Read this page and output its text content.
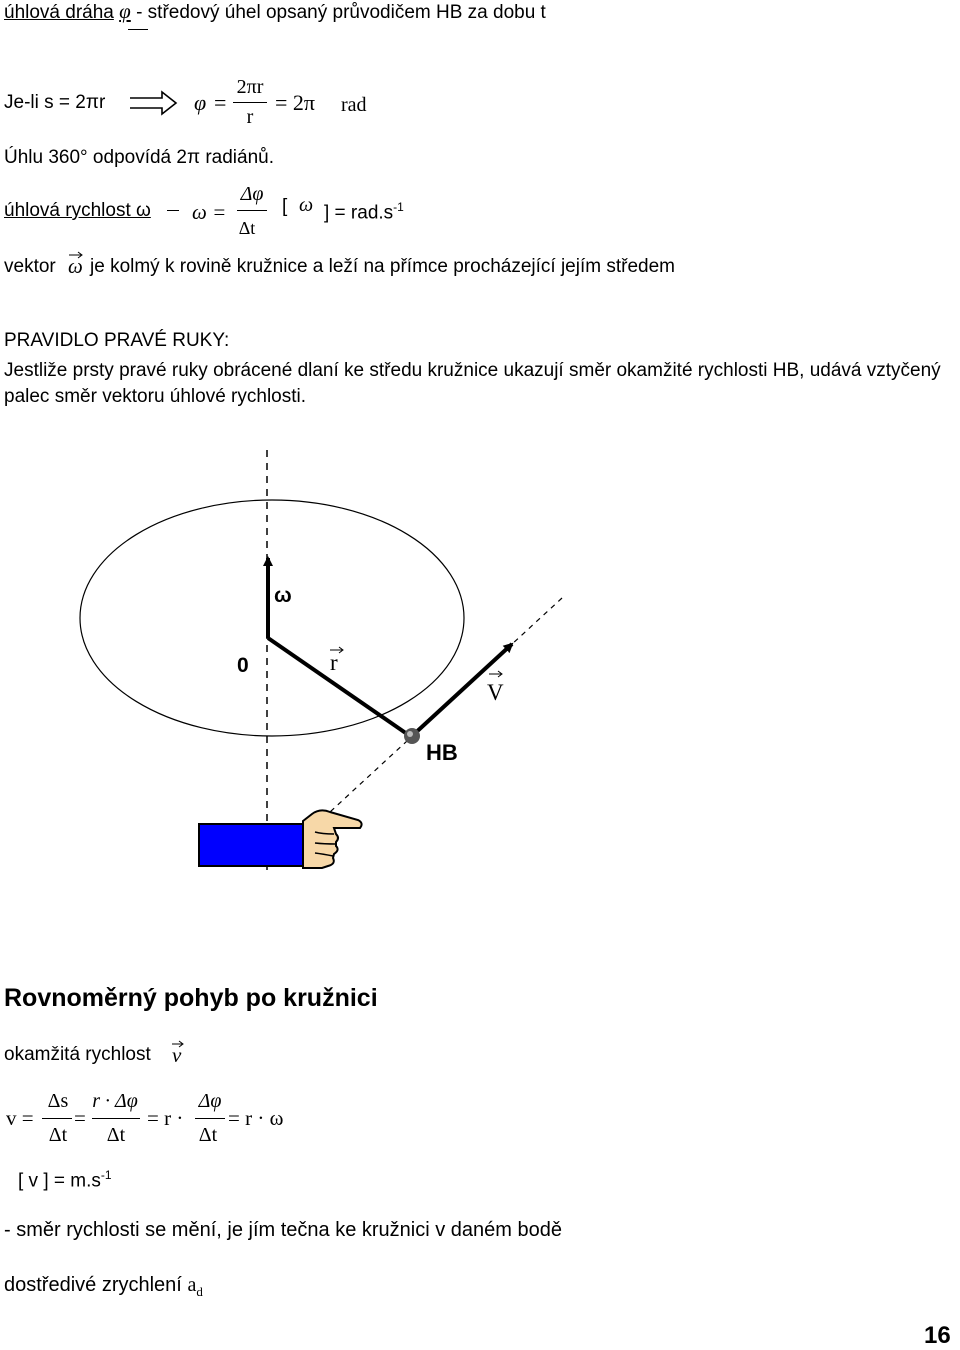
úhlová dráha φ - středový úhel opsaný průvodičem HB za dobu t
Je-li s = 2πr	φ =
2πr
r
= 2π rad
Úhlu 360° odpovídá 2π radiánů.
úhlová rychlost ω ω =
Δφ
Δt
[ ω ] = $rad.s^{-1}$
vektor ω je kolmý k rovině kružnice a leží na přímce procházející jejím středem
PRAVIDLO PRAVÉ RUKY:
Jestliže prsty pravé ruky obrácené dlaní ke středu kružnice ukazují směr okamžité rychlosti HB, udává vztyčený palec směr vektoru úhlové rychlosti.
ω
0	r
V
HB
Rovnoměrný pohyb po kružnici
okamžitá rychlost v
v =
Δs
Δt
=
r · Δφ
Δt
= r ·
Δφ
Δt
= r · ω
[ v ] = $m.s^{-1}$
- směr rychlosti se mění, je jím tečna ke kružnici v daném bodě
dostředivé zrychlení $a_d$
16
